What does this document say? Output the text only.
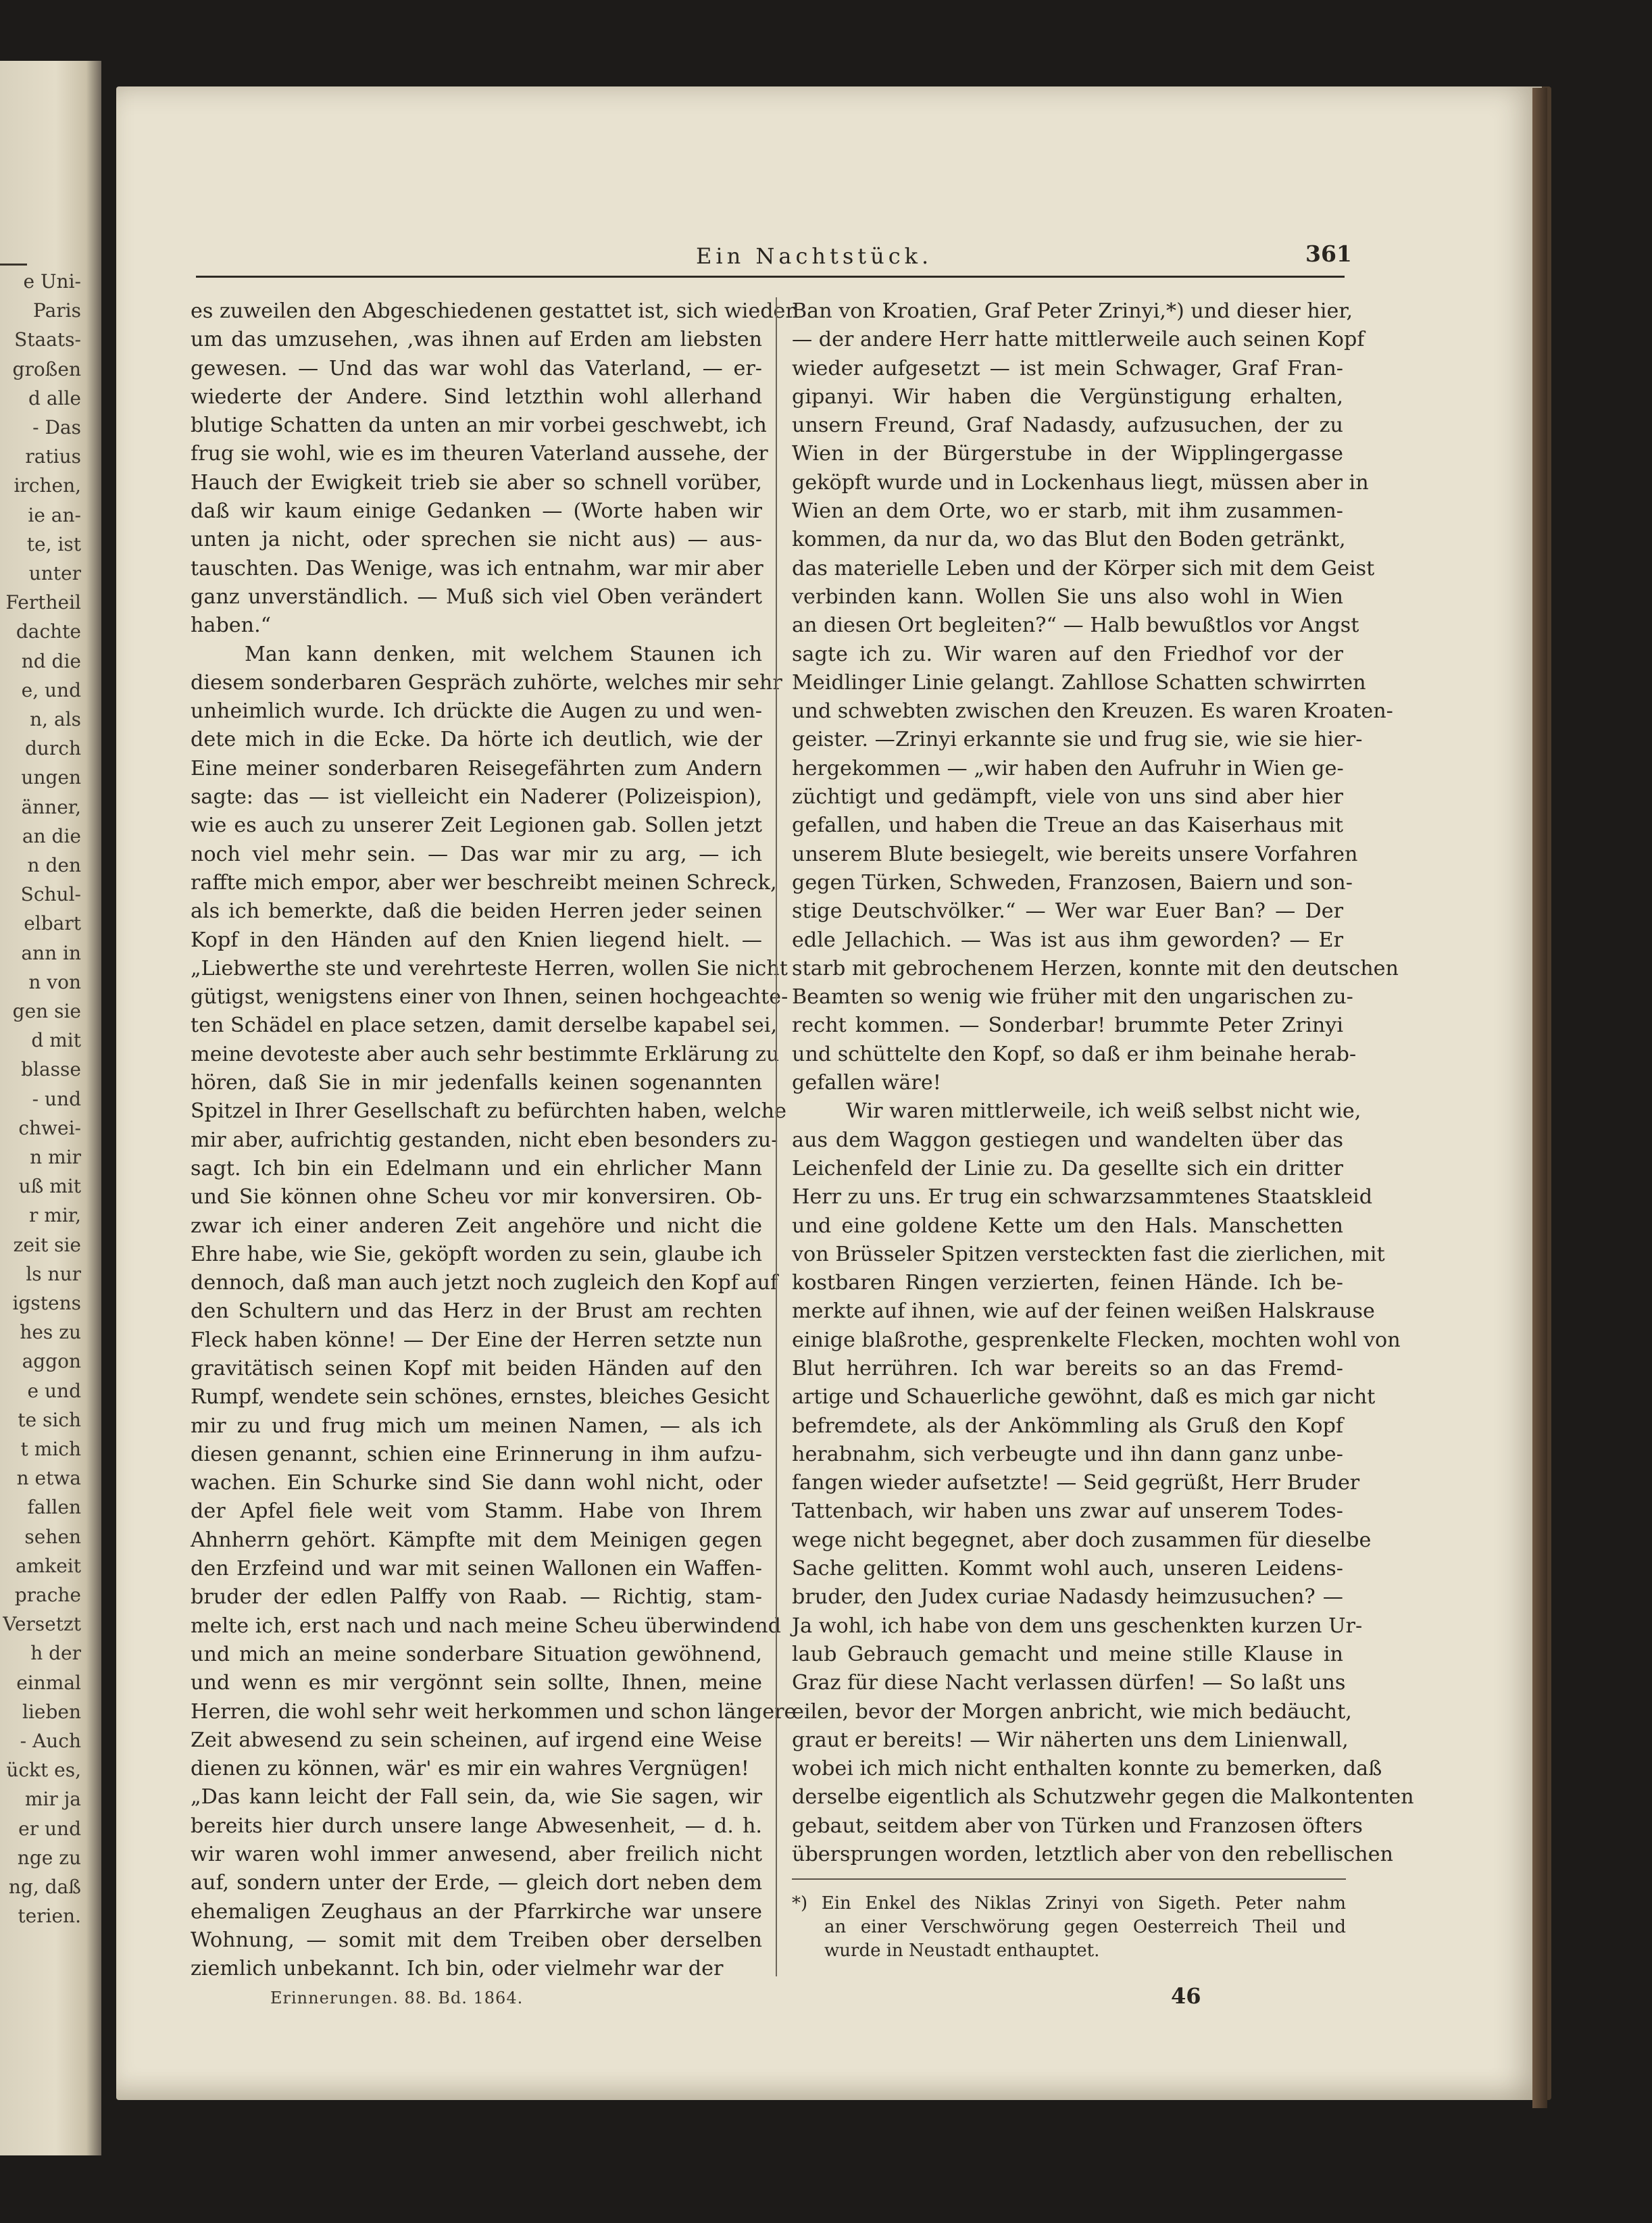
e Uni-
Paris
Staats-
großen
d alle
- Das
ratius
irchen,
ie an-
te, ist
unter
Fertheil
dachte
nd die
e, und
n, als
durch
ungen
änner,
an die
n den
Schul-
elbart
ann in
n von
gen sie
d mit
blasse
- und
chwei-
n mir
uß mit
r mir,
zeit sie
ls nur
igstens
hes zu
aggon
e und
te sich
t mich
n etwa
fallen
sehen
amkeit
prache
Versetzt
h der
einmal
lieben
- Auch
ückt es,
mir ja
er und
nge zu
ng, daß
terien.
Ein Nachtstück.	361
es zuweilen den Abgeschiedenen gestattet ist, sich wieder
um das umzusehen, ‚was ihnen auf Erden am liebsten
gewesen. — Und das war wohl das Vaterland, — er-
wiederte der Andere. Sind letzthin wohl allerhand
blutige Schatten da unten an mir vorbei geschwebt, ich
frug sie wohl, wie es im theuren Vaterland aussehe, der
Hauch der Ewigkeit trieb sie aber so schnell vorüber,
daß wir kaum einige Gedanken — (Worte haben wir
unten ja nicht, oder sprechen sie nicht aus) — aus-
tauschten. Das Wenige, was ich entnahm, war mir aber
ganz unverständlich. — Muß sich viel Oben verändert
haben.“
Man kann denken, mit welchem Staunen ich
diesem sonderbaren Gespräch zuhörte, welches mir sehr
unheimlich wurde. Ich drückte die Augen zu und wen-
dete mich in die Ecke. Da hörte ich deutlich, wie der
Eine meiner sonderbaren Reisegefährten zum Andern
sagte: das — ist vielleicht ein Naderer (Polizeispion),
wie es auch zu unserer Zeit Legionen gab. Sollen jetzt
noch viel mehr sein. — Das war mir zu arg, — ich
raffte mich empor, aber wer beschreibt meinen Schreck,
als ich bemerkte, daß die beiden Herren jeder seinen
Kopf in den Händen auf den Knien liegend hielt. —
„Liebwerthe ste und verehrteste Herren, wollen Sie nicht
gütigst, wenigstens einer von Ihnen, seinen hochgeachte-
ten Schädel en place setzen, damit derselbe kapabel sei,
meine devoteste aber auch sehr bestimmte Erklärung zu
hören, daß Sie in mir jedenfalls keinen sogenannten
Spitzel in Ihrer Gesellschaft zu befürchten haben, welche
mir aber, aufrichtig gestanden, nicht eben besonders zu-
sagt. Ich bin ein Edelmann und ein ehrlicher Mann
und Sie können ohne Scheu vor mir konversiren. Ob-
zwar ich einer anderen Zeit angehöre und nicht die
Ehre habe, wie Sie, geköpft worden zu sein, glaube ich
dennoch, daß man auch jetzt noch zugleich den Kopf auf
den Schultern und das Herz in der Brust am rechten
Fleck haben könne! — Der Eine der Herren setzte nun
gravitätisch seinen Kopf mit beiden Händen auf den
Rumpf, wendete sein schönes, ernstes, bleiches Gesicht
mir zu und frug mich um meinen Namen, — als ich
diesen genannt, schien eine Erinnerung in ihm aufzu-
wachen. Ein Schurke sind Sie dann wohl nicht, oder
der Apfel fiele weit vom Stamm. Habe von Ihrem
Ahnherrn gehört. Kämpfte mit dem Meinigen gegen
den Erzfeind und war mit seinen Wallonen ein Waffen-
bruder der edlen Palffy von Raab. — Richtig, stam-
melte ich, erst nach und nach meine Scheu überwindend
und mich an meine sonderbare Situation gewöhnend,
und wenn es mir vergönnt sein sollte, Ihnen, meine
Herren, die wohl sehr weit herkommen und schon längere
Zeit abwesend zu sein scheinen, auf irgend eine Weise
dienen zu können, wär' es mir ein wahres Vergnügen!
„Das kann leicht der Fall sein, da, wie Sie sagen, wir
bereits hier durch unsere lange Abwesenheit, — d. h.
wir waren wohl immer anwesend, aber freilich nicht
auf, sondern unter der Erde, — gleich dort neben dem
ehemaligen Zeughaus an der Pfarrkirche war unsere
Wohnung, — somit mit dem Treiben ober derselben
ziemlich unbekannt. Ich bin, oder vielmehr war der
Ban von Kroatien, Graf Peter Zrinyi,*) und dieser hier,
— der andere Herr hatte mittlerweile auch seinen Kopf
wieder aufgesetzt — ist mein Schwager, Graf Fran-
gipanyi. Wir haben die Vergünstigung erhalten,
unsern Freund, Graf Nadasdy, aufzusuchen, der zu
Wien in der Bürgerstube in der Wipplingergasse
geköpft wurde und in Lockenhaus liegt, müssen aber in
Wien an dem Orte, wo er starb, mit ihm zusammen-
kommen, da nur da, wo das Blut den Boden getränkt,
das materielle Leben und der Körper sich mit dem Geist
verbinden kann. Wollen Sie uns also wohl in Wien
an diesen Ort begleiten?“ — Halb bewußtlos vor Angst
sagte ich zu. Wir waren auf den Friedhof vor der
Meidlinger Linie gelangt. Zahllose Schatten schwirrten
und schwebten zwischen den Kreuzen. Es waren Kroaten-
geister. —Zrinyi erkannte sie und frug sie, wie sie hier-
hergekommen — „wir haben den Aufruhr in Wien ge-
züchtigt und gedämpft, viele von uns sind aber hier
gefallen, und haben die Treue an das Kaiserhaus mit
unserem Blute besiegelt, wie bereits unsere Vorfahren
gegen Türken, Schweden, Franzosen, Baiern und son-
stige Deutschvölker.“ — Wer war Euer Ban? — Der
edle Jellachich. — Was ist aus ihm geworden? — Er
starb mit gebrochenem Herzen, konnte mit den deutschen
Beamten so wenig wie früher mit den ungarischen zu-
recht kommen. — Sonderbar! brummte Peter Zrinyi
und schüttelte den Kopf, so daß er ihm beinahe herab-
gefallen wäre!
Wir waren mittlerweile, ich weiß selbst nicht wie,
aus dem Waggon gestiegen und wandelten über das
Leichenfeld der Linie zu. Da gesellte sich ein dritter
Herr zu uns. Er trug ein schwarzsammtenes Staatskleid
und eine goldene Kette um den Hals. Manschetten
von Brüsseler Spitzen versteckten fast die zierlichen, mit
kostbaren Ringen verzierten, feinen Hände. Ich be-
merkte auf ihnen, wie auf der feinen weißen Halskrause
einige blaßrothe, gesprenkelte Flecken, mochten wohl von
Blut herrühren. Ich war bereits so an das Fremd-
artige und Schauerliche gewöhnt, daß es mich gar nicht
befremdete, als der Ankömmling als Gruß den Kopf
herabnahm, sich verbeugte und ihn dann ganz unbe-
fangen wieder aufsetzte! — Seid gegrüßt, Herr Bruder
Tattenbach, wir haben uns zwar auf unserem Todes-
wege nicht begegnet, aber doch zusammen für dieselbe
Sache gelitten. Kommt wohl auch, unseren Leidens-
bruder, den Judex curiae Nadasdy heimzusuchen? —
Ja wohl, ich habe von dem uns geschenkten kurzen Ur-
laub Gebrauch gemacht und meine stille Klause in
Graz für diese Nacht verlassen dürfen! — So laßt uns
eilen, bevor der Morgen anbricht, wie mich bedäucht,
graut er bereits! — Wir näherten uns dem Linienwall,
wobei ich mich nicht enthalten konnte zu bemerken, daß
derselbe eigentlich als Schutzwehr gegen die Malkontenten
gebaut, seitdem aber von Türken und Franzosen öfters
übersprungen worden, letztlich aber von den rebellischen
*) Ein Enkel des Niklas Zrinyi von Sigeth. Peter nahm
an einer Verschwörung gegen Oesterreich Theil und
wurde in Neustadt enthauptet.
Erinnerungen. 88. Bd. 1864.	46
